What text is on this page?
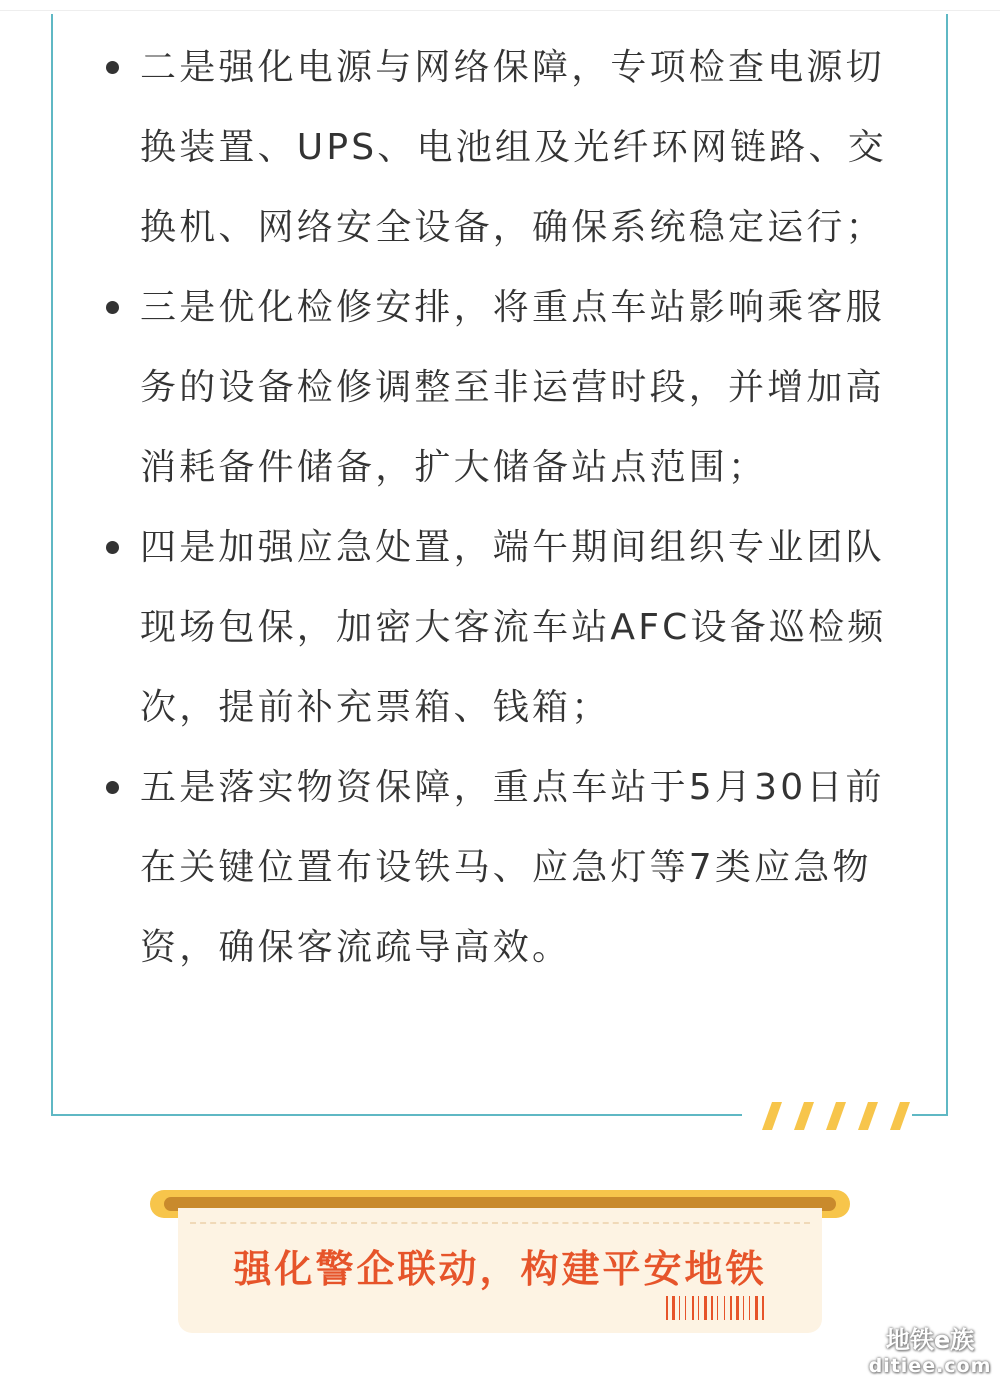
二是强化电源与网络保障，专项检查电源切换装置、UPS、电池组及光纤环网链路、交换机、网络安全设备，确保系统稳定运行；
三是优化检修安排，将重点车站影响乘客服务的设备检修调整至非运营时段，并增加高消耗备件储备，扩大储备站点范围；
四是加强应急处置，端午期间组织专业团队现场包保，加密大客流车站AFC设备巡检频次，提前补充票箱、钱箱；
五是落实物资保障，重点车站于5月30日前在关键位置布设铁马、应急灯等7类应急物资，确保客流疏导高效。
强化警企联动，构建平安地铁
地铁e族
ditiee.com
